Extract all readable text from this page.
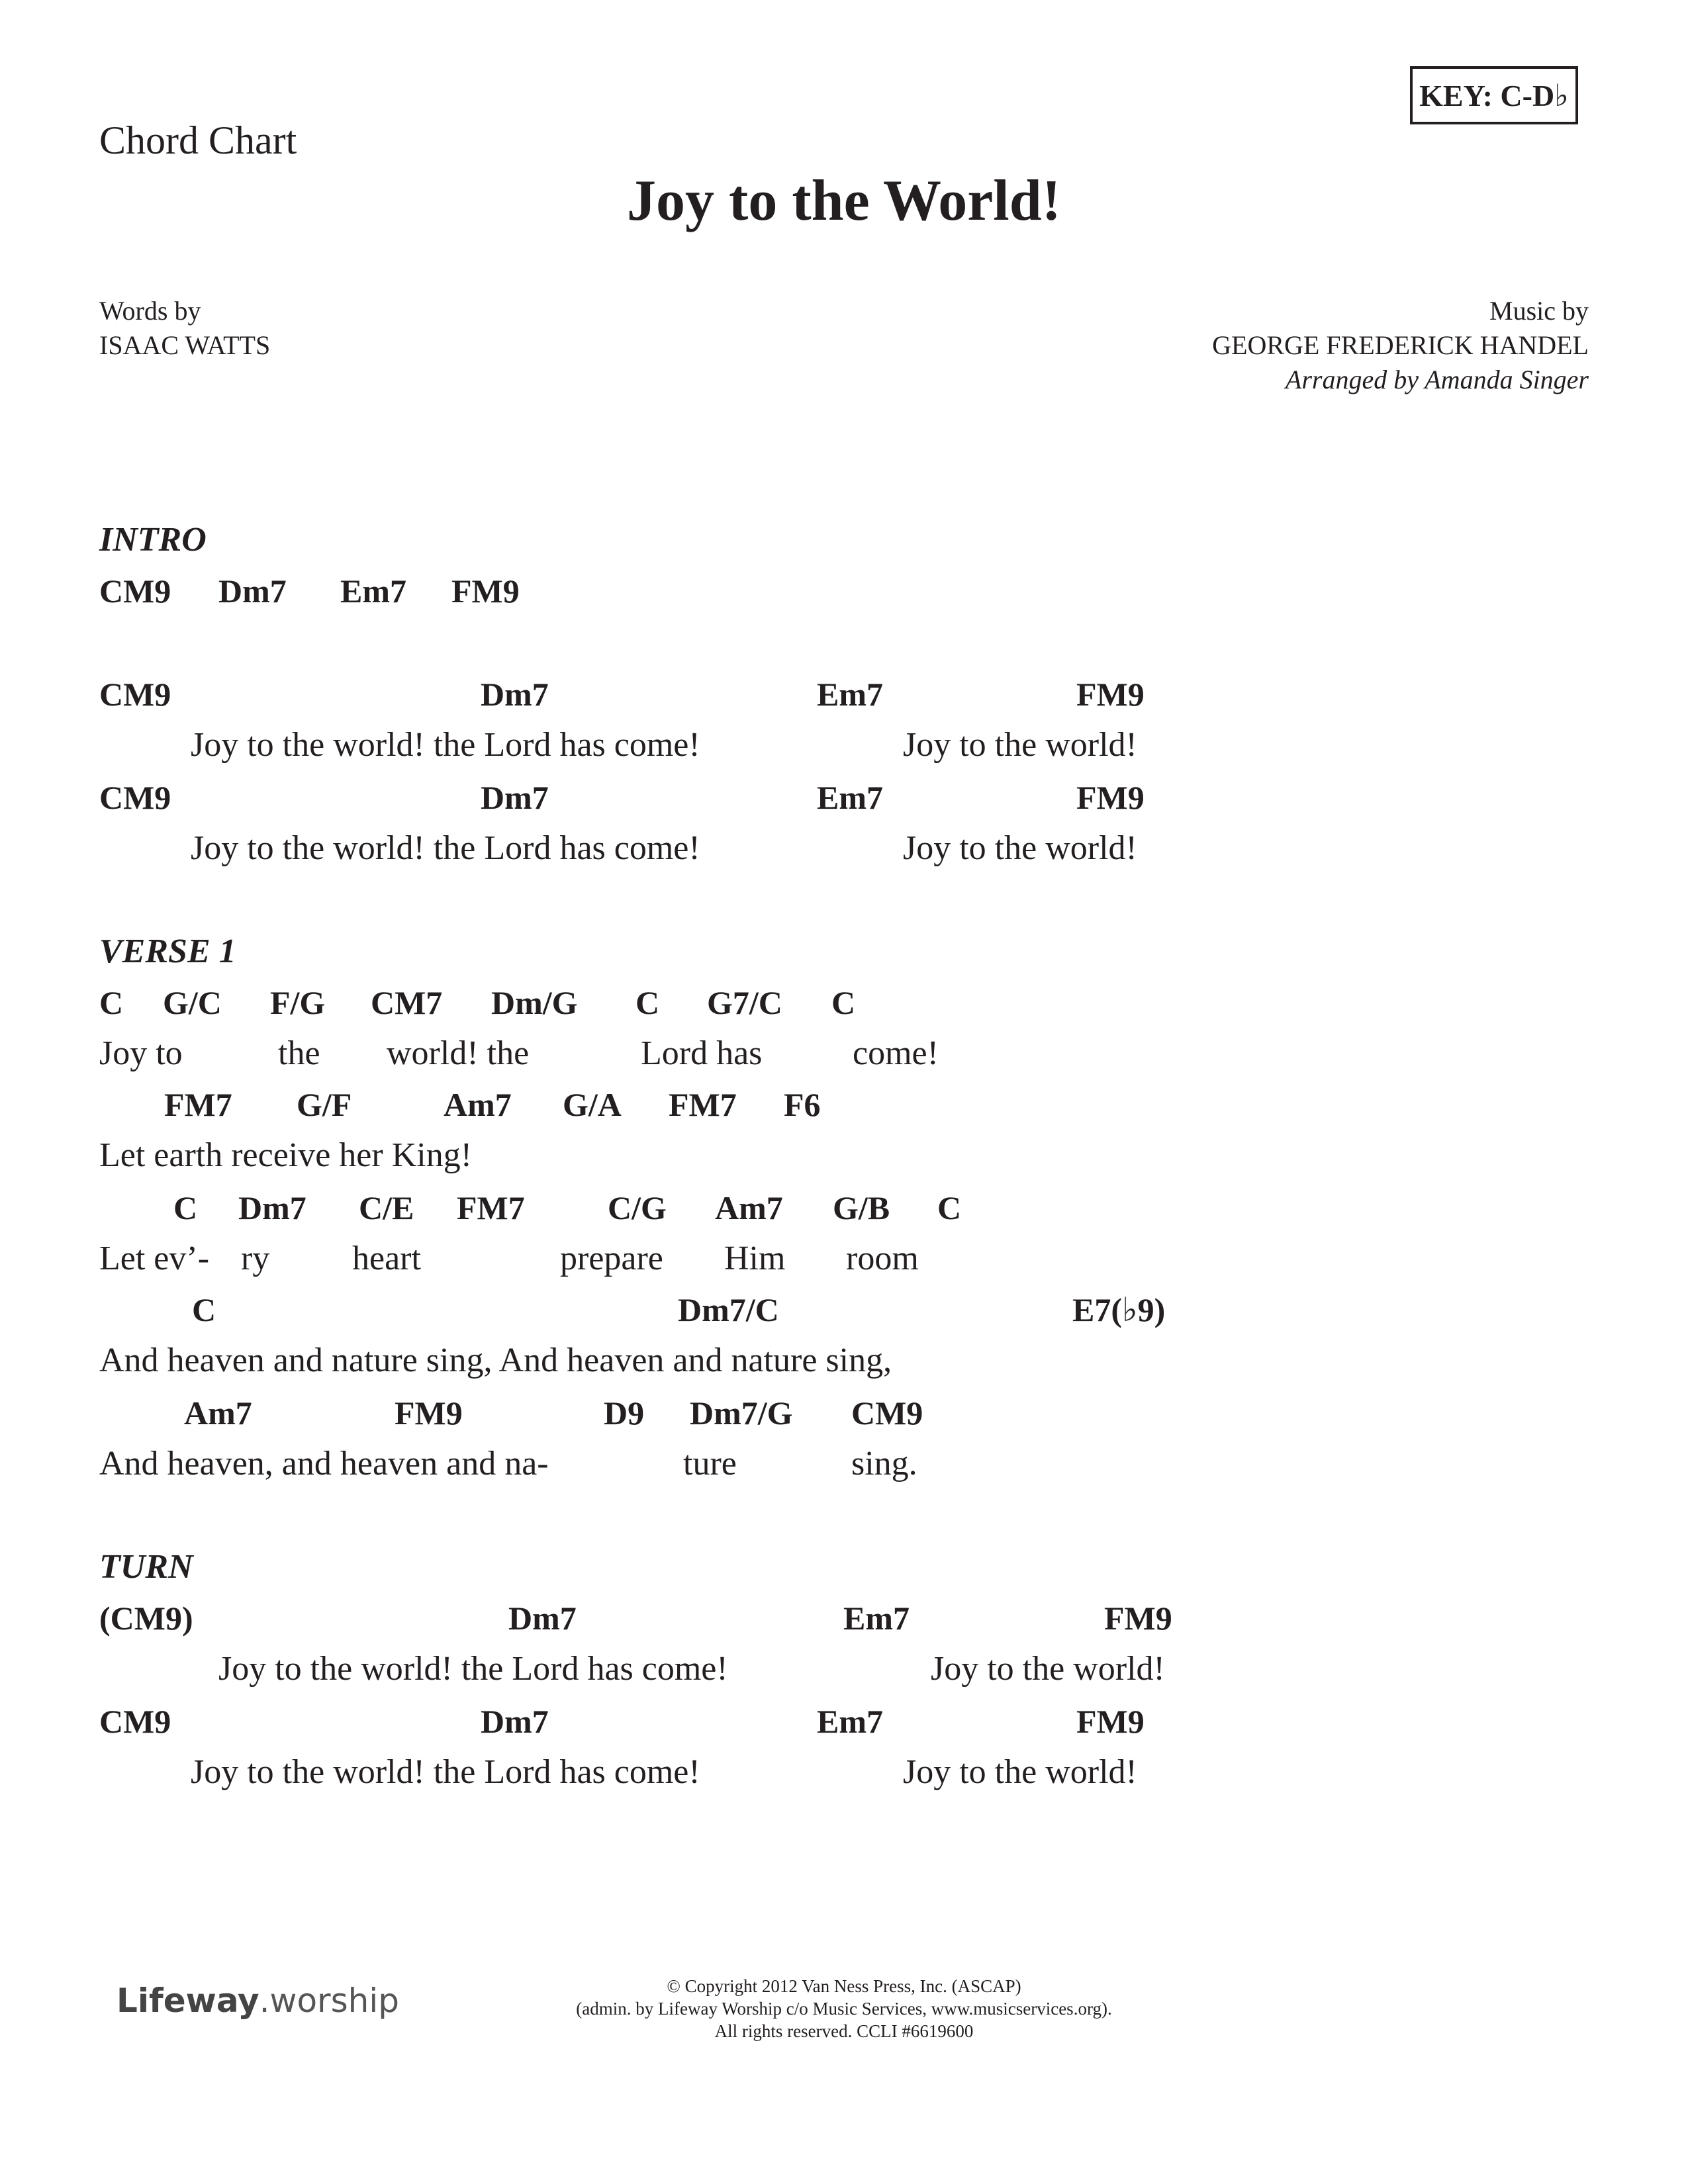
KEY: C-D♭
Chord Chart
Joy to the World!
Words by
ISAAC WATTS
Music by
GEORGE FREDERICK HANDEL
Arranged by Amanda Singer
INTRO
CM9 Dm7 Em7 FM9
CM9	Dm7	Em7	FM9
Joy to the world! the Lord has come!	Joy to the world!
CM9	Dm7	Em7	FM9
Joy to the world! the Lord has come!	Joy to the world!
VERSE 1
C G/C F/G CM7 Dm/G C G7/C C
Joy to	the world! the	Lord has	come!
FM7 G/F	Am7 G/A FM7 F6
Let earth receive her King!
C Dm7 C/E FM7	C/G Am7 G/B C
Let ev’- ry heart	prepare Him room
C	Dm7/C	E7(♭9)
And heaven and nature sing, And heaven and nature sing,
Am7	FM9	D9 Dm7/G CM9
And heaven, and heaven and na-	ture	sing.
TURN
(CM9)	Dm7	Em7	FM9
Joy to the world! the Lord has come!	Joy to the world!
CM9	Dm7	Em7	FM9
Joy to the world! the Lord has come!	Joy to the world!
Lifeway.worship	© Copyright 2012 Van Ness Press, Inc. (ASCAP)
(admin. by Lifeway Worship c/o Music Services, www.musicservices.org).
All rights reserved. CCLI #6619600
